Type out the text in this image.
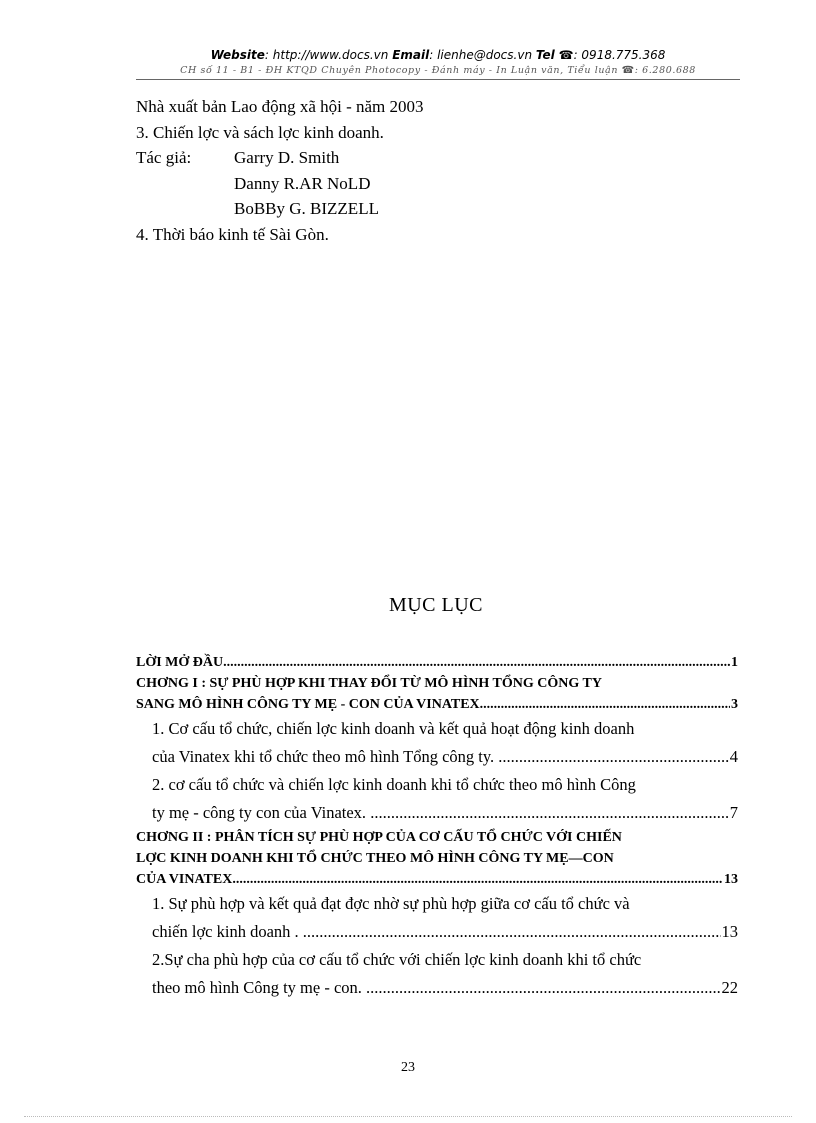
Website: http://www.docs.vn Email: lienhe@docs.vn Tel ☎: 0918.775.368
CH số 11 - B1 - ĐH KTQD Chuyên Photocopy - Đánh máy - In Luận văn, Tiểu luận ☎: 6.280.688
Nhà xuất bản Lao động xã hội - năm 2003
3. Chiến lợc và sách lợc kinh doanh.
Tác giả:	Garry D. Smith
Danny R.AR NoLD
BoBBy G. BIZZELL
4. Thời báo kinh tế Sài Gòn.
MỤC LỤC
LỜI MỞ ĐẦU .....	1
CHƠNG I : SỰ PHÙ HỢP KHI THAY ĐỔI TỪ MÔ HÌNH TỔNG CÔNG TY
SANG MÔ HÌNH CÔNG TY MẸ - CON CỦA VINATEX .....	3
1. Cơ cấu tổ chức, chiến lợc kinh doanh và kết quả hoạt động kinh doanh
của Vinatex khi tổ chức theo mô hình Tổng công ty. .....	4
2. cơ cấu tổ chức và chiến lợc kinh doanh khi tổ chức theo mô hình Công
ty mẹ - công ty con của Vinatex. .....	7
CHƠNG II : PHÂN TÍCH SỰ PHÙ HỢP CỦA CƠ CẤU TỔ CHỨC VỚI CHIẾN
LỢC KINH DOANH KHI TỔ CHỨC THEO MÔ HÌNH CÔNG TY MẸ—CON
CỦA VINATEX .....	13
1. Sự phù hợp và kết quả đạt đợc nhờ sự phù hợp giữa cơ cấu tổ chức và
chiến lợc kinh doanh . .....	13
2.Sự cha phù hợp của cơ cấu tổ chức với chiến lợc kinh doanh khi tổ chức
theo mô hình Công ty mẹ - con. .....	22
23
